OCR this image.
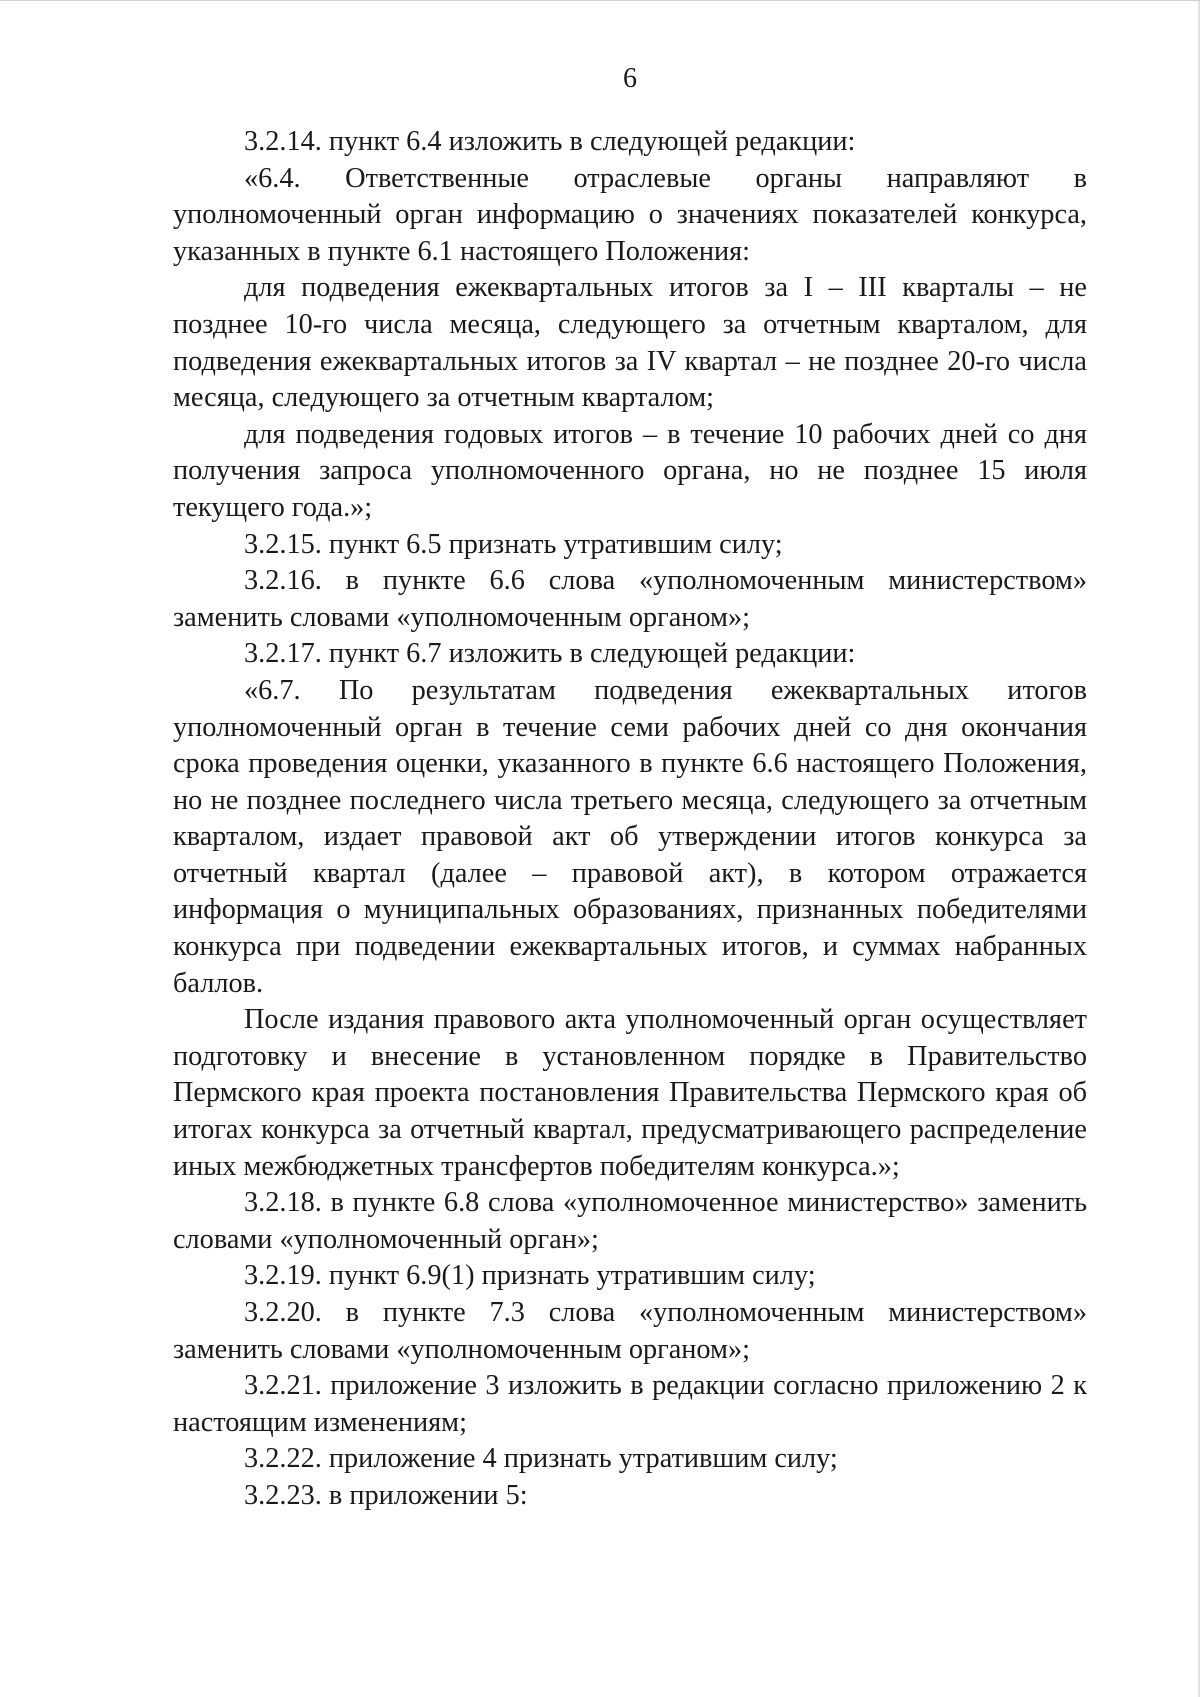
6

3.2.14. пункт 6.4 изложить в следующей редакции:

«6.4. Ответственные отраслевые органы направляют в уполномоченный орган информацию о значениях показателей конкурса, указанных в пункте 6.1 настоящего Положения:

для подведения ежеквартальных итогов за I – III кварталы – не позднее 10-го числа месяца, следующего за отчетным кварталом, для подведения ежеквартальных итогов за IV квартал – не позднее 20-го числа месяца, следующего за отчетным кварталом;

для подведения годовых итогов – в течение 10 рабочих дней со дня получения запроса уполномоченного органа, но не позднее 15 июля текущего года.»;

3.2.15. пункт 6.5 признать утратившим силу;

3.2.16. в пункте 6.6 слова «уполномоченным министерством» заменить словами «уполномоченным органом»;

3.2.17. пункт 6.7 изложить в следующей редакции:

«6.7. По результатам подведения ежеквартальных итогов уполномоченный орган в течение семи рабочих дней со дня окончания срока проведения оценки, указанного в пункте 6.6 настоящего Положения, но не позднее последнего числа третьего месяца, следующего за отчетным кварталом, издает правовой акт об утверждении итогов конкурса за отчетный квартал (далее – правовой акт), в котором отражается информация о муниципальных образованиях, признанных победителями конкурса при подведении ежеквартальных итогов, и суммах набранных баллов.

После издания правового акта уполномоченный орган осуществляет подготовку и внесение в установленном порядке в Правительство Пермского края проекта постановления Правительства Пермского края об итогах конкурса за отчетный квартал, предусматривающего распределение иных межбюджетных трансфертов победителям конкурса.»;

3.2.18. в пункте 6.8 слова «уполномоченное министерство» заменить словами «уполномоченный орган»;

3.2.19. пункт 6.9(1) признать утратившим силу;

3.2.20. в пункте 7.3 слова «уполномоченным министерством» заменить словами «уполномоченным органом»;

3.2.21. приложение 3 изложить в редакции согласно приложению 2 к настоящим изменениям;

3.2.22. приложение 4 признать утратившим силу;

3.2.23. в приложении 5:
